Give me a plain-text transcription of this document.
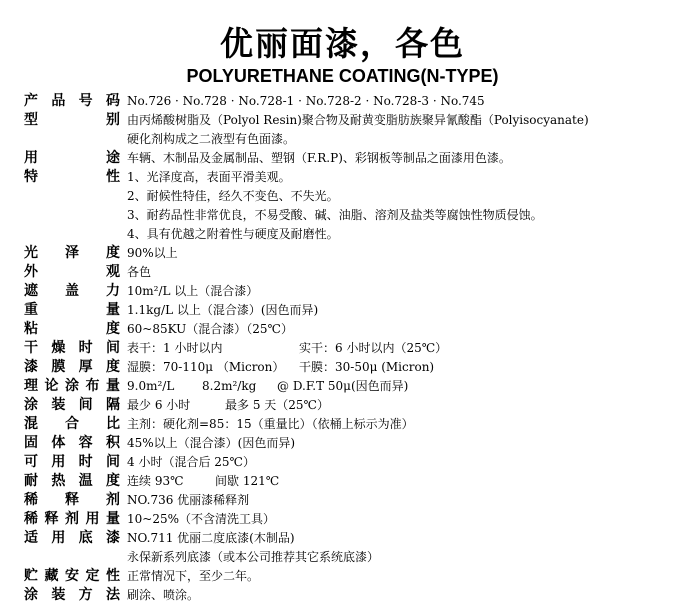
优丽面漆，各色
POLYURETHANE COATING(N-TYPE)
产 品 号 码 No.726 · No.728 · No.728-1 · No.728-2 · No.728-3 · No.745
型	别 由丙烯酸树脂及（Polyol Resin)聚合物及耐黄变脂肪族聚异氰酸酯（Polyisocyanate)
硬化剂构成之二液型有色面漆。
用	途 车辆、木制品及金属制品、塑钢（F.R.P)、彩钢板等制品之面漆用色漆。
特	性 1、光泽度高，表面平滑美观。
2、耐候性特佳，经久不变色、不失光。
3、耐药品性非常优良，不易受酸、碱、油脂、溶剂及盐类等腐蚀性物质侵蚀。
4、具有优越之附着性与硬度及耐磨性。
光 泽 度 90%以上
外	观 各色
遮 盖 力 10m²/L 以上（混合漆）
重	量 1.1kg/L 以上（混合漆）(因色而异)
粘	度 60~85KU（混合漆）（25℃）
干 燥 时 间 表干：1 小时以内	实干：6 小时以内（25℃）
漆 膜 厚 度 湿膜：70-110μ （Micron） 干膜：30-50μ (Micron)
理 论 涂 布 量 9.0m²/L 8.2m²/kg @ D.F.T 50μ(因色而异)
涂 装 间 隔 最少 6 小时	最多 5 天（25℃）
混 合 比 主剂：硬化剂=85：15（重量比）（依桶上标示为准）
固 体 容 积 45%以上（混合漆）(因色而异)
可 用 时 间 4 小时（混合后 25℃）
耐 热 温 度 连续 93℃	间歇 121℃
稀 释 剂 NO.736 优丽漆稀释剂
稀 释 剂 用 量 10~25%（不含清洗工具）
适 用 底 漆 NO.711 优丽二度底漆(木制品)
永保新系列底漆（或本公司推荐其它系统底漆）
贮 藏 安 定 性 正常情况下，至少二年。
涂 装 方 法 刷涂、喷涂。
